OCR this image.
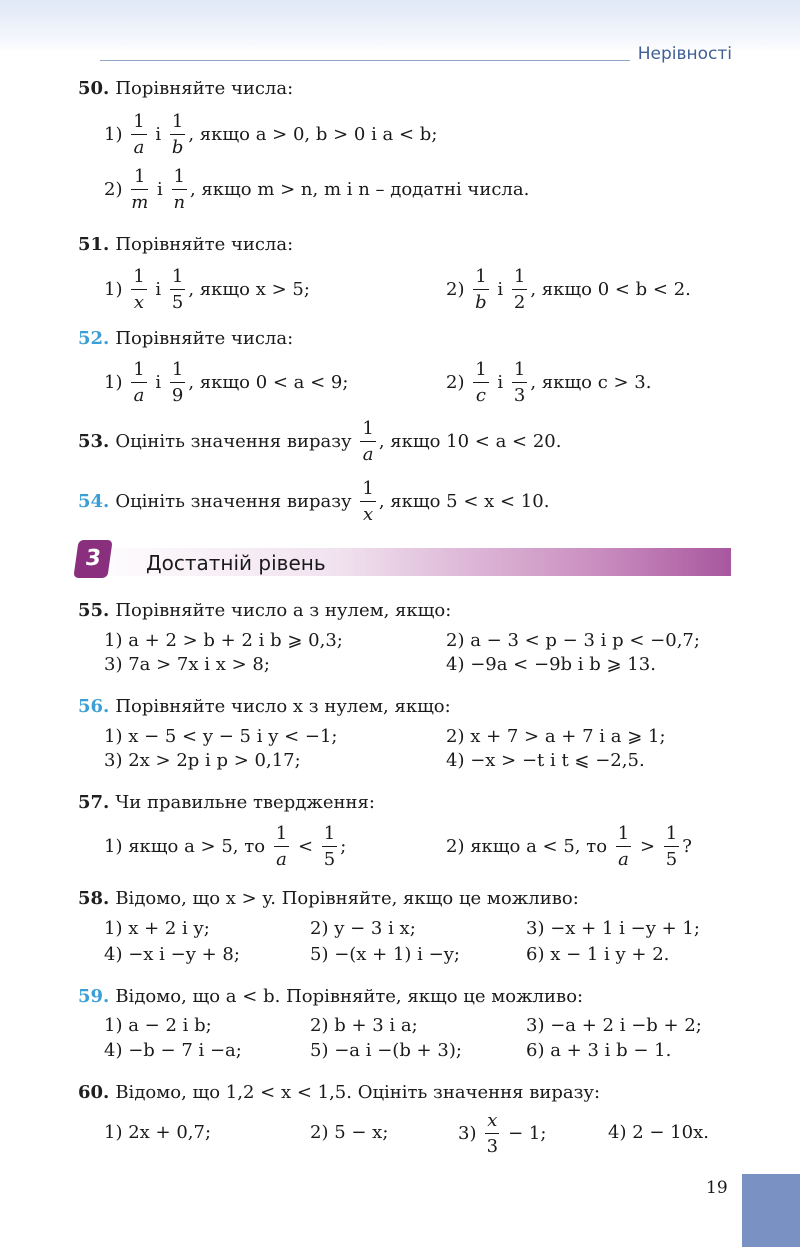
Нерівності
50. Порівняйте числа:
$1) \frac{1}{a}$ і $\frac{1}{b}$ , якщо a > 0, b > 0 і a < b;
$2) \frac{1}{m}$ і $\frac{1}{n}$ , якщо m > n, m і n – додатні числа.
51. Порівняйте числа:
$1) \frac{1}{x}$ і $\frac{1}{5}$ , якщо x > 5;	$2) \frac{1}{b}$ і $\frac{1}{2}$ , якщо 0 < b < 2.
52. Порівняйте числа:
$1) \frac{1}{a}$ і $\frac{1}{9}$ , якщо 0 < a < 9;	$2) \frac{1}{c}$ і $\frac{1}{3}$ , якщо c > 3.
53. Оцініть значення виразу $\frac{1}{a}$ , якщо 10 < a < 20.
54. Оцініть значення виразу $\frac{1}{x}$ , якщо 5 < x < 10.
3	Достатній рівень
55. Порівняйте число a з нулем, якщо:
1) a + 2 > b + 2 і b ⩾ 0,3;	2) a − 3 < p − 3 і p < −0,7;
3) 7a > 7x і x > 8;	4) −9a < −9b і b ⩾ 13.
56. Порівняйте число x з нулем, якщо:
1) x − 5 < y − 5 і y < −1;	2) x + 7 > a + 7 і a ⩾ 1;
3) 2x > 2p і p > 0,17;	4) −x > −t і t ⩽ −2,5.
57. Чи правильне твердження:
1) якщо a > 5, то $\frac{1}{a} < \frac{1}{5}$ ;	2) якщо a < 5, то $\frac{1}{a} > \frac{1}{5}$ ?
58. Відомо, що x > y. Порівняйте, якщо це можливо:
1) x + 2 і y;	2) y − 3 і x;	3) −x + 1 і −y + 1;
4) −x і −y + 8;	5) −(x + 1) і −y;	6) x − 1 і y + 2.
59. Відомо, що a < b. Порівняйте, якщо це можливо:
1) a − 2 і b;	2) b + 3 і a;	3) −a + 2 і −b + 2;
4) −b − 7 і −a;	5) −a і −(b + 3);	6) a + 3 і b − 1.
60. Відомо, що 1,2 < x < 1,5. Оцініть значення виразу:
1) 2x + 0,7;	2) 5 − x;	$3) \frac{x}{3} - 1$;	4) 2 − 10x.
19
